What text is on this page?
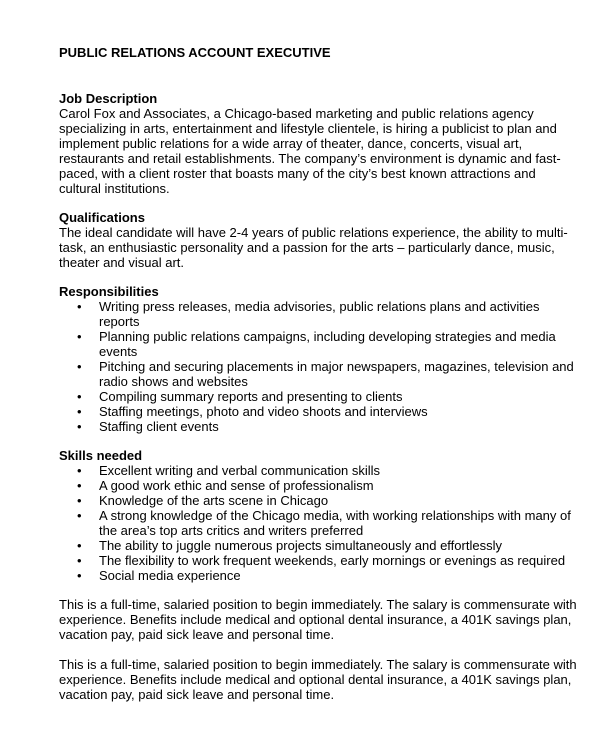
PUBLIC RELATIONS ACCOUNT EXECUTIVE
Job Description
Carol Fox and Associates, a Chicago-based marketing and public relations agency specializing in arts, entertainment and lifestyle clientele, is hiring a publicist to plan and implement public relations for a wide array of theater, dance, concerts, visual art, restaurants and retail establishments. The company’s environment is dynamic and fast-paced, with a client roster that boasts many of the city’s best known attractions and cultural institutions.
Qualifications
The ideal candidate will have 2-4 years of public relations experience, the ability to multi-task, an enthusiastic personality and a passion for the arts – particularly dance, music, theater and visual art.
Responsibilities
• Writing press releases, media advisories, public relations plans and activities reports
• Planning public relations campaigns, including developing strategies and media events
• Pitching and securing placements in major newspapers, magazines, television and radio shows and websites
• Compiling summary reports and presenting to clients
• Staffing meetings, photo and video shoots and interviews
• Staffing client events
Skills needed
• Excellent writing and verbal communication skills
• A good work ethic and sense of professionalism
• Knowledge of the arts scene in Chicago
• A strong knowledge of the Chicago media, with working relationships with many of the area’s top arts critics and writers preferred
• The ability to juggle numerous projects simultaneously and effortlessly
• The flexibility to work frequent weekends, early mornings or evenings as required
• Social media experience
This is a full-time, salaried position to begin immediately. The salary is commensurate with experience. Benefits include medical and optional dental insurance, a 401K savings plan, vacation pay, paid sick leave and personal time.
This is a full-time, salaried position to begin immediately. The salary is commensurate with experience. Benefits include medical and optional dental insurance, a 401K savings plan, vacation pay, paid sick leave and personal time.
